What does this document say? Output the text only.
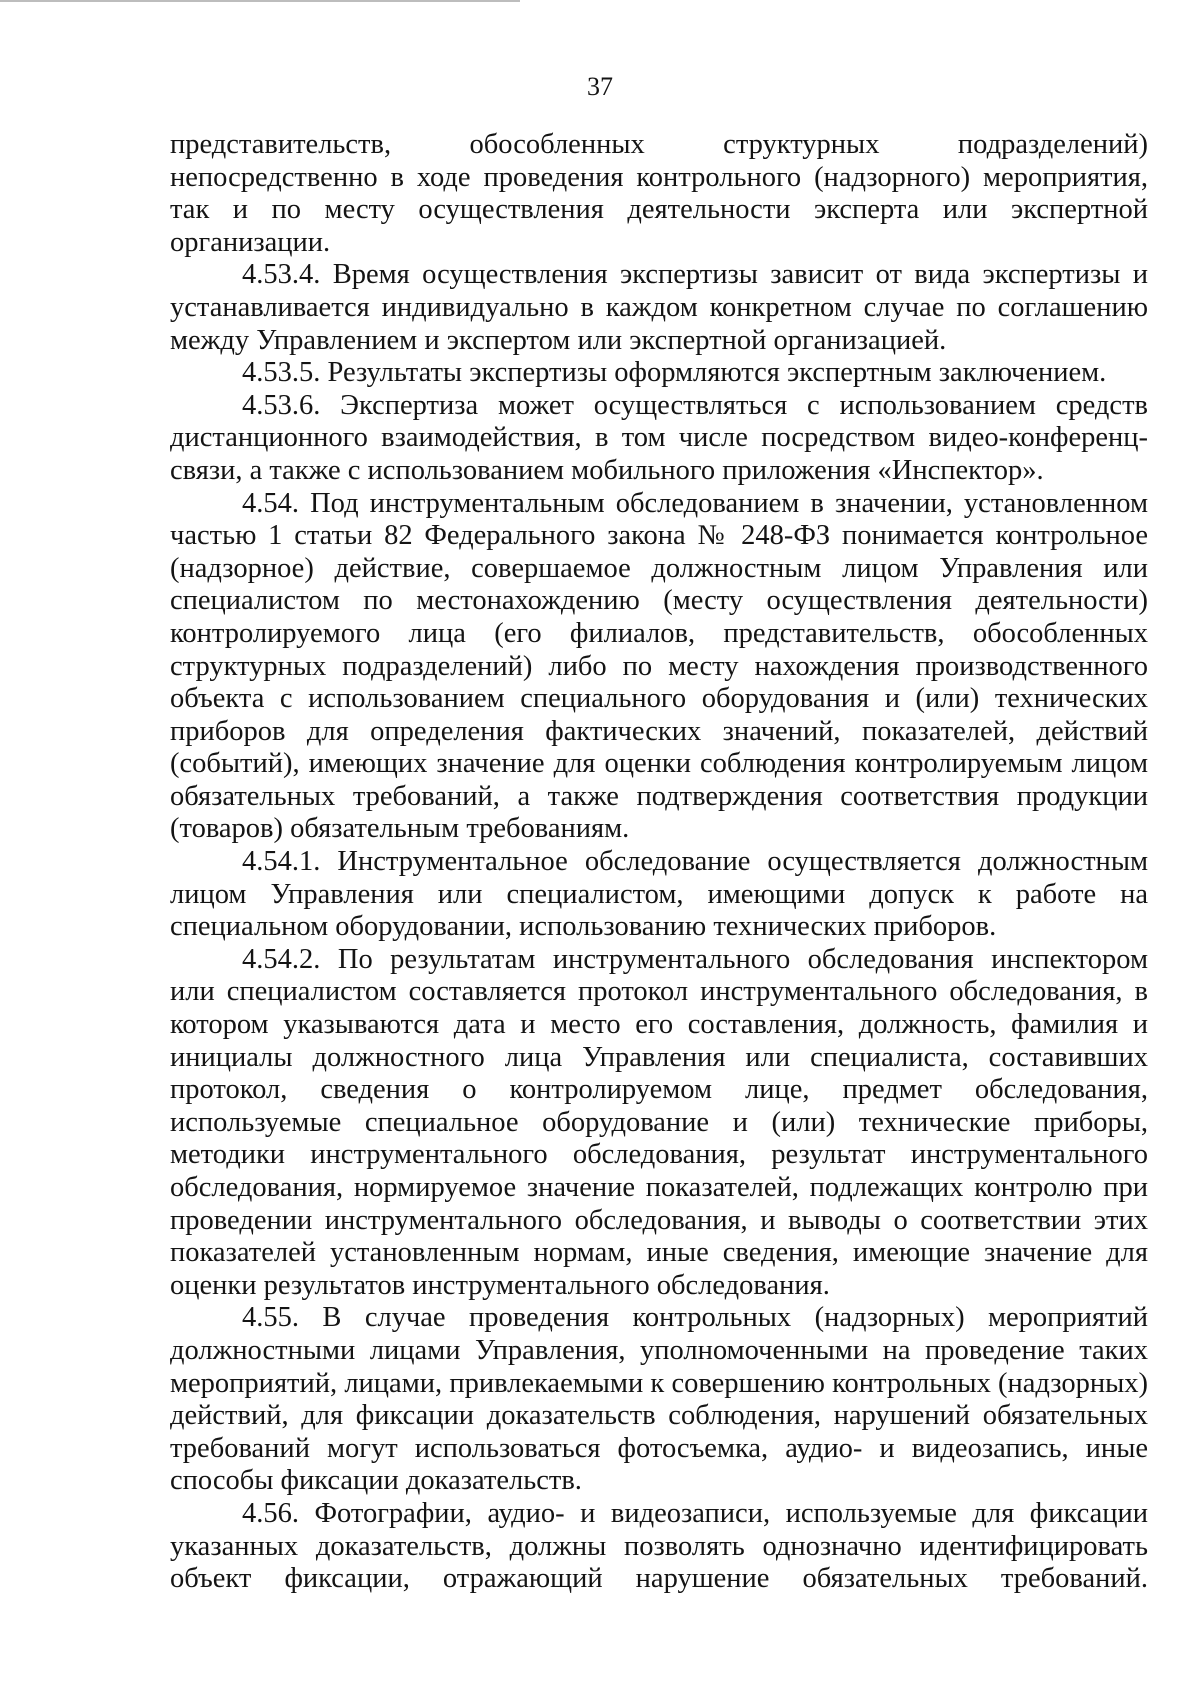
37

представительств, обособленных структурных подразделений) непосредственно в ходе проведения контрольного (надзорного) мероприятия, так и по месту осуществления деятельности эксперта или экспертной организации.

4.53.4. Время осуществления экспертизы зависит от вида экспертизы и устанавливается индивидуально в каждом конкретном случае по соглашению между Управлением и экспертом или экспертной организацией.

4.53.5. Результаты экспертизы оформляются экспертным заключением.

4.53.6. Экспертиза может осуществляться с использованием средств дистанционного взаимодействия, в том числе посредством видео-конференц-связи, а также с использованием мобильного приложения «Инспектор».

4.54. Под инструментальным обследованием в значении, установленном частью 1 статьи 82 Федерального закона № 248-ФЗ понимается контрольное (надзорное) действие, совершаемое должностным лицом Управления или специалистом по местонахождению (месту осуществления деятельности) контролируемого лица (его филиалов, представительств, обособленных структурных подразделений) либо по месту нахождения производственного объекта с использованием специального оборудования и (или) технических приборов для определения фактических значений, показателей, действий (событий), имеющих значение для оценки соблюдения контролируемым лицом обязательных требований, а также подтверждения соответствия продукции (товаров) обязательным требованиям.

4.54.1. Инструментальное обследование осуществляется должностным лицом Управления или специалистом, имеющими допуск к работе на специальном оборудовании, использованию технических приборов.

4.54.2. По результатам инструментального обследования инспектором или специалистом составляется протокол инструментального обследования, в котором указываются дата и место его составления, должность, фамилия и инициалы должностного лица Управления или специалиста, составивших протокол, сведения о контролируемом лице, предмет обследования, используемые специальное оборудование и (или) технические приборы, методики инструментального обследования, результат инструментального обследования, нормируемое значение показателей, подлежащих контролю при проведении инструментального обследования, и выводы о соответствии этих показателей установленным нормам, иные сведения, имеющие значение для оценки результатов инструментального обследования.

4.55. В случае проведения контрольных (надзорных) мероприятий должностными лицами Управления, уполномоченными на проведение таких мероприятий, лицами, привлекаемыми к совершению контрольных (надзорных) действий, для фиксации доказательств соблюдения, нарушений обязательных требований могут использоваться фотосъемка, аудио- и видеозапись, иные способы фиксации доказательств.

4.56. Фотографии, аудио- и видеозаписи, используемые для фиксации указанных доказательств, должны позволять однозначно идентифицировать объект фиксации, отражающий нарушение обязательных требований.
